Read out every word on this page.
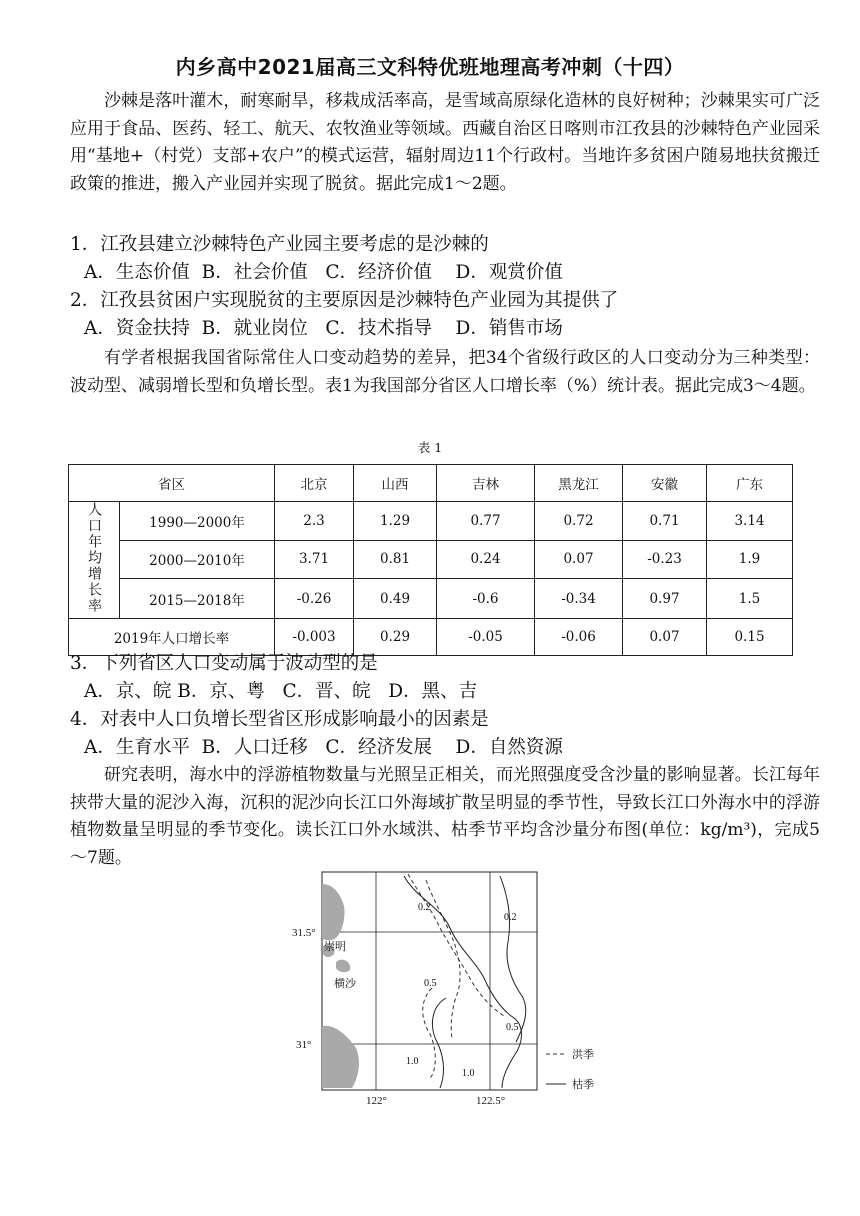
内乡高中2021届高三文科特优班地理高考冲刺（十四）
沙棘是落叶灌木，耐寒耐旱，移栽成活率高，是雪域高原绿化造林的良好树种；沙棘果实可广泛应用于食品、医药、轻工、航天、农牧渔业等领域。西藏自治区日喀则市江孜县的沙棘特色产业园采用“基地+（村党）支部+农户”的模式运营，辐射周边11个行政村。当地许多贫困户随易地扶贫搬迁政策的推进，搬入产业园并实现了脱贫。据此完成1～2题。
1．江孜县建立沙棘特色产业园主要考虑的是沙棘的
A．生态价值  B．社会价值   C．经济价值    D．观赏价值
2．江孜县贫困户实现脱贫的主要原因是沙棘特色产业园为其提供了
A．资金扶持  B．就业岗位   C．技术指导    D．销售市场
有学者根据我国省际常住人口变动趋势的差异，把34个省级行政区的人口变动分为三种类型：波动型、减弱增长型和负增长型。表1为我国部分省区人口增长率（%）统计表。据此完成3～4题。
表 1
省区		北京	山西	吉林	黑龙江	安徽	广东
人口年均增长率	1990—2000年	2.3	1.29	0.77	0.72	0.71	3.14
	2000—2010年	3.71	0.81	0.24	0.07	-0.23	1.9
	2015—2018年	-0.26	0.49	-0.6	-0.34	0.97	1.5
2019年人口增长率		-0.003	0.29	-0.05	-0.06	0.07	0.15
3．下列省区人口变动属于波动型的是
A．京、皖 B．京、粤   C．晋、皖   D．黑、吉
4．对表中人口负增长型省区形成影响最小的因素是
A．生育水平  B．人口迁移   C．经济发展    D．自然资源
研究表明，海水中的浮游植物数量与光照呈正相关，而光照强度受含沙量的影响显著。长江每年挟带大量的泥沙入海，沉积的泥沙向长江口外海域扩散呈明显的季节性，导致长江口外海水中的浮游植物数量呈明显的季节变化。读长江口外水域洪、枯季节平均含沙量分布图(单位：kg/m³)，完成5～7题。
31.5°
31°
122°	122.5°
崇明
横沙
0.2
0.2
0.5
0.5
1.0
1.0
洪季
枯季
